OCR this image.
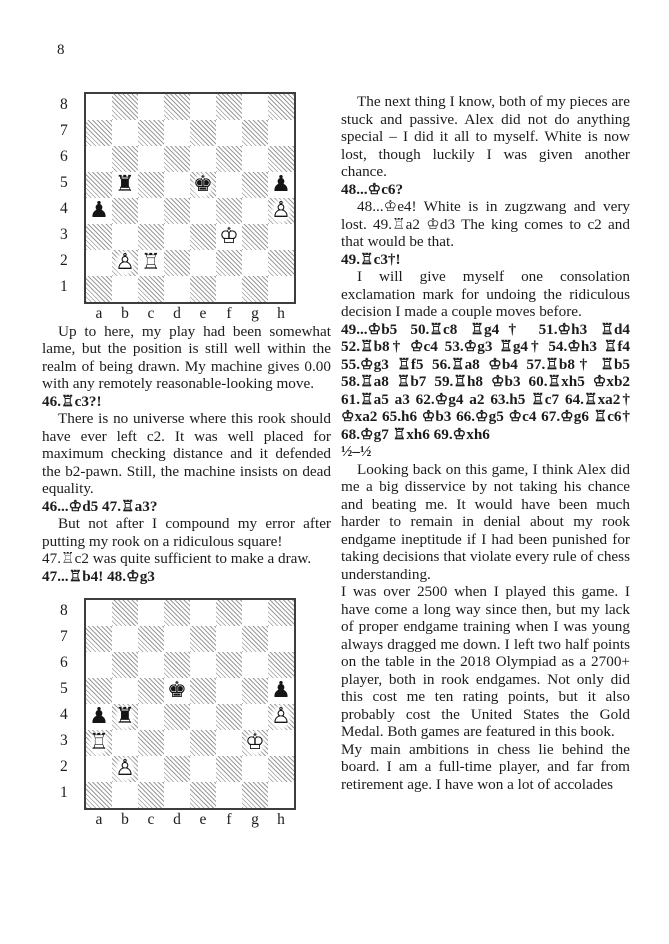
8
8
7
6
5
4
3
2
1
♜	♚	♟
♟	♙
♔
♙ ♖
a	b	c	d	e	f	g	h

Up to here, my play had been somewhat lame, but the position is still well within the realm of being drawn. My machine gives 0.00 with any remotely reasonable-looking move.

46.♖c3?!

There is no universe where this rook should have ever left c2. It was well placed for maximum checking distance and it defended the b2-pawn. Still, the machine insists on dead equality.

46...♔d5 47.♖a3?

But not after I compound my error after putting my rook on a ridiculous square!

47.♖c2 was quite sufficient to make a draw.

47...♖b4! 48.♔g3

8
7
6
5
4
3
2
1
♚	♟
♟ ♜	♙
♖	♔
♙
a	b	c	d	e	f	g	h

The next thing I know, both of my pieces are stuck and passive. Alex did not do anything special – I did it all to myself. White is now lost, though luckily I was given another chance.

48...♔c6?

48...♔e4! White is in zugzwang and very lost. 49.♖a2 ♔d3 The king comes to c2 and that would be that.

49.♖c3†!

I will give myself one consolation exclamation mark for undoing the ridiculous decision I made a couple moves before.

49...♔b5 50.♖c8 ♖g4† 51.♔h3 ♖d4 52.♖b8† ♔c4 53.♔g3 ♖g4† 54.♔h3 ♖f4 55.♔g3 ♖f5 56.♖a8 ♔b4 57.♖b8† ♖b5 58.♖a8 ♖b7 59.♖h8 ♔b3 60.♖xh5 ♔xb2 61.♖a5 a3 62.♔g4 a2 63.h5 ♖c7 64.♖xa2† ♔xa2 65.h6 ♔b3 66.♔g5 ♔c4 67.♔g6 ♖c6† 68.♔g7 ♖xh6 69.♔xh6

½–½

Looking back on this game, I think Alex did me a big disservice by not taking his chance and beating me. It would have been much harder to remain in denial about my rook endgame ineptitude if I had been punished for taking decisions that violate every rule of chess understanding.

I was over 2500 when I played this game. I have come a long way since then, but my lack of proper endgame training when I was young always dragged me down. I left two half points on the table in the 2018 Olympiad as a 2700+ player, both in rook endgames. Not only did this cost me ten rating points, but it also probably cost the United States the Gold Medal. Both games are featured in this book.

My main ambitions in chess lie behind the board. I am a full-time player, and far from retirement age. I have won a lot of accolades
